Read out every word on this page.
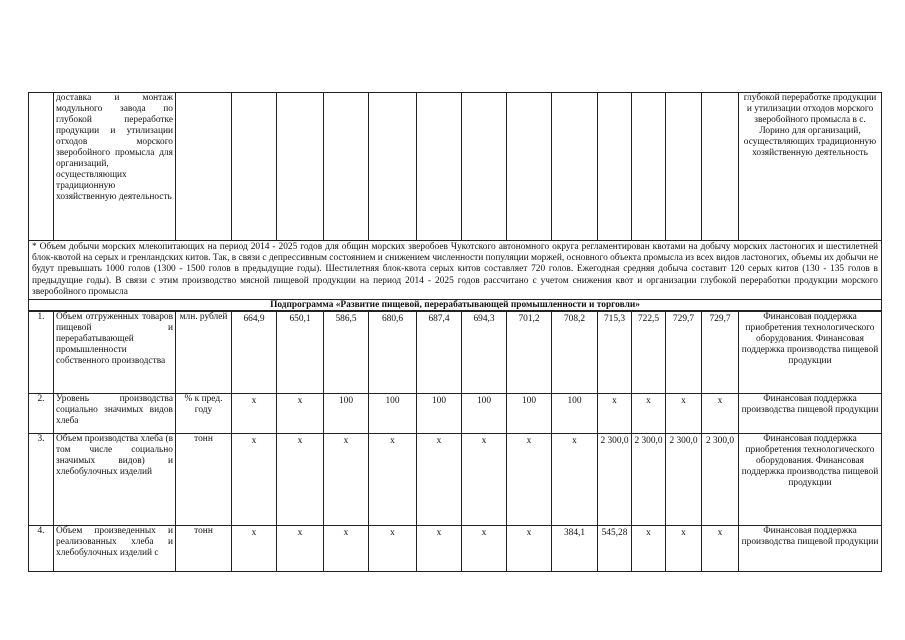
	доставка и монтаж модульного завода по глубокой переработке продукции и утилизации отходов морского зверобойного промысла для организаций, осуществляющих традиционную хозяйственную деятельность														глубокой переработке продукции и утилизации отходов морского зверобойного промысла в с. Лорино для организаций, осуществляющих традиционную хозяйственную деятельность
* Объем добычи морских млекопитающих на период 2014 - 2025 годов для общин морских зверобоев Чукотского автономного округа регламентирован квотами на добычу морских ластоногих и шестилетней блок-квотой на серых и гренландских китов. Так, в связи с депрессивным состоянием и снижением численности популяции моржей, основного объекта промысла из всех видов ластоногих, объемы их добычи не будут превышать 1000 голов (1300 - 1500 голов в предыдущие годы). Шестилетняя блок-квота серых китов составляет 720 голов. Ежегодная средняя добыча составит 120 серых китов (130 - 135 голов в предыдущие годы). В связи с этим производство мясной пищевой продукции на период 2014 - 2025 годов рассчитано с учетом снижения квот и организации глубокой переработки продукции морского зверобойного промысла
Подпрограмма «Развитие пищевой, перерабатывающей промышленности и торговли»
1.	Объем отгруженных товаров пищевой и перерабатывающей промышленности собственного производства	млн. рублей	664,9	650,1	586,5	680,6	687,4	694,3	701,2	708,2	715,3	722,5	729,7	729,7	Финансовая поддержка приобретения технологического оборудования. Финансовая поддержка производства пищевой продукции
2.	Уровень производства социально значимых видов хлеба	% к пред. году	х	х	100	100	100	100	100	100	х	х	х	х	Финансовая поддержка производства пищевой продукции
3.	Объем производства хлеба (в том числе социально значимых видов) и хлебобулочных изделий	тонн	х	х	х	х	х	х	х	х	2 300,0	2 300,0	2 300,0	2 300,0	Финансовая поддержка приобретения технологического оборудования. Финансовая поддержка производства пищевой продукции
4.	Объем произведенных и реализованных хлеба и хлебобулочных изделий с	тонн	х	х	х	х	х	х	х	384,1	545,28	х	х	х	Финансовая поддержка производства пищевой продукции
